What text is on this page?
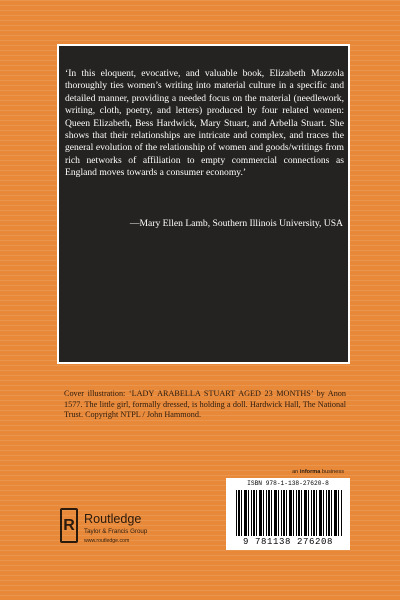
‘In this eloquent, evocative, and valuable book, Elizabeth Mazzola thoroughly ties women’s writing into material culture in a specific and detailed manner, providing a needed focus on the material (needlework, writing, cloth, poetry, and letters) produced by four related women: Queen Elizabeth, Bess Hardwick, Mary Stuart, and Arbella Stuart. She shows that their relationships are intricate and complex, and traces the general evolution of the relationship of women and goods/writings from rich networks of affiliation to empty commercial connections as England moves towards a consumer economy.’

—Mary Ellen Lamb, Southern Illinois University, USA

Cover illustration: ‘LADY ARABELLA STUART AGED 23 MONTHS’ by Anon 1577. The little girl, formally dressed, is holding a doll. Hardwick Hall, The National Trust. Copyright NTPL / John Hammond.

an informa business
R Routledge
Taylor & Francis Group
www.routledge.com
ISBN 978-1-138-27620-8
9 781138 276208
